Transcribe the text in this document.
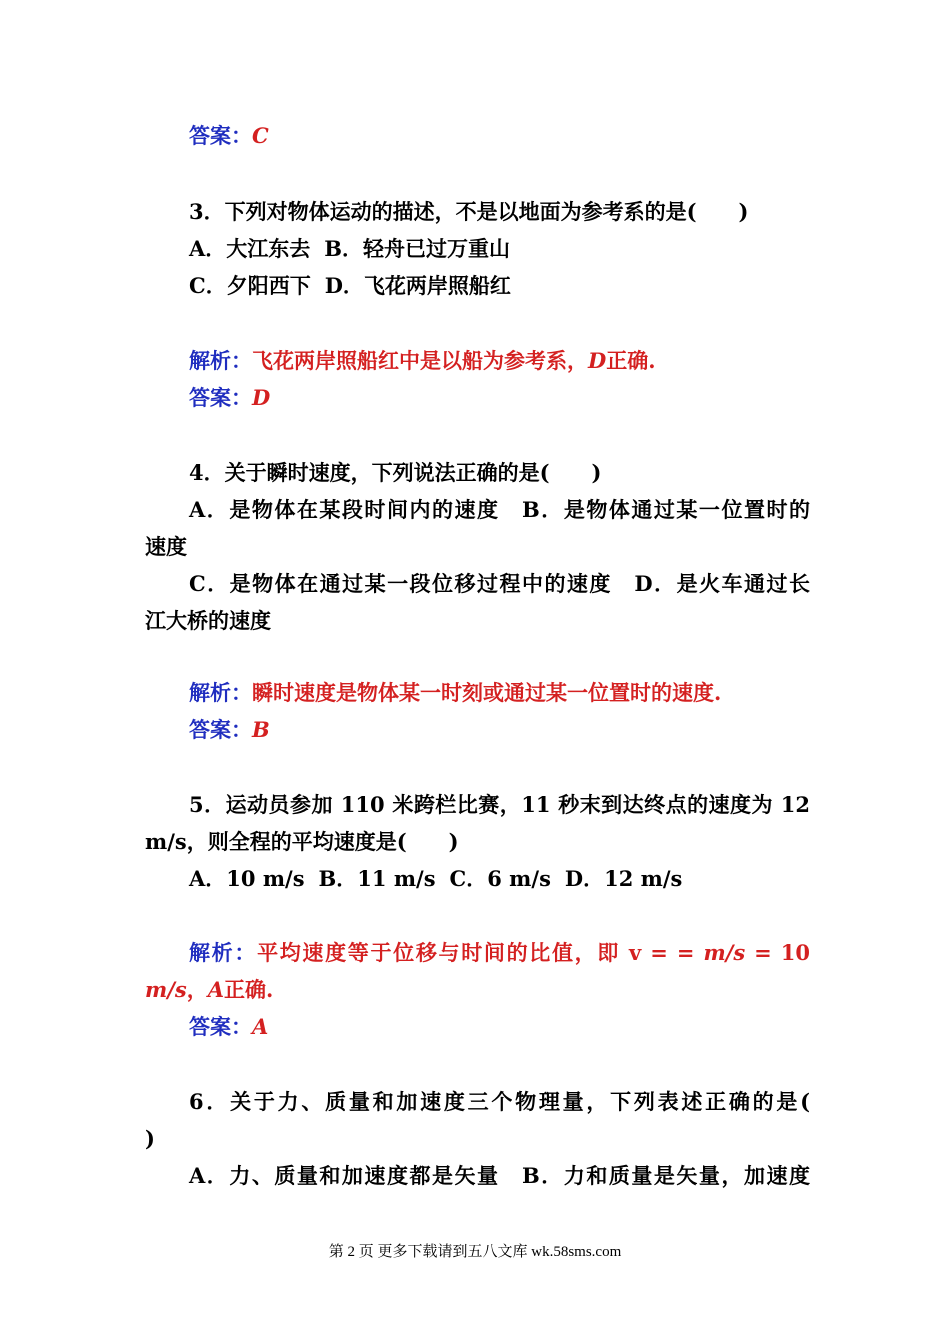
答案：C
3．下列对物体运动的描述，不是以地面为参考系的是(　　)
A．大江东去 B．轻舟已过万重山
C．夕阳西下 D．飞花两岸照船红
解析：飞花两岸照船红中是以船为参考系，D正确.
答案：D
4．关于瞬时速度，下列说法正确的是(　　)
A．是物体在某段时间内的速度　B．是物体通过某一位置时的
速度
C．是物体在通过某一段位移过程中的速度　D．是火车通过长
江大桥的速度
解析：瞬时速度是物体某一时刻或通过某一位置时的速度.
答案：B
5．运动员参加 110 米跨栏比赛，11 秒末到达终点的速度为 12
m/s，则全程的平均速度是(　　)
A．10 m/s B．11 m/s C．6 m/s D．12 m/s
解析：平均速度等于位移与时间的比值，即 v = = m/s = 10
m/s，A正确.
答案：A
6．关于力、质量和加速度三个物理量，下列表述正确的是(
)
A．力、质量和加速度都是矢量　B．力和质量是矢量，加速度
第 2 页 更多下载请到五八文库 wk.58sms.com
